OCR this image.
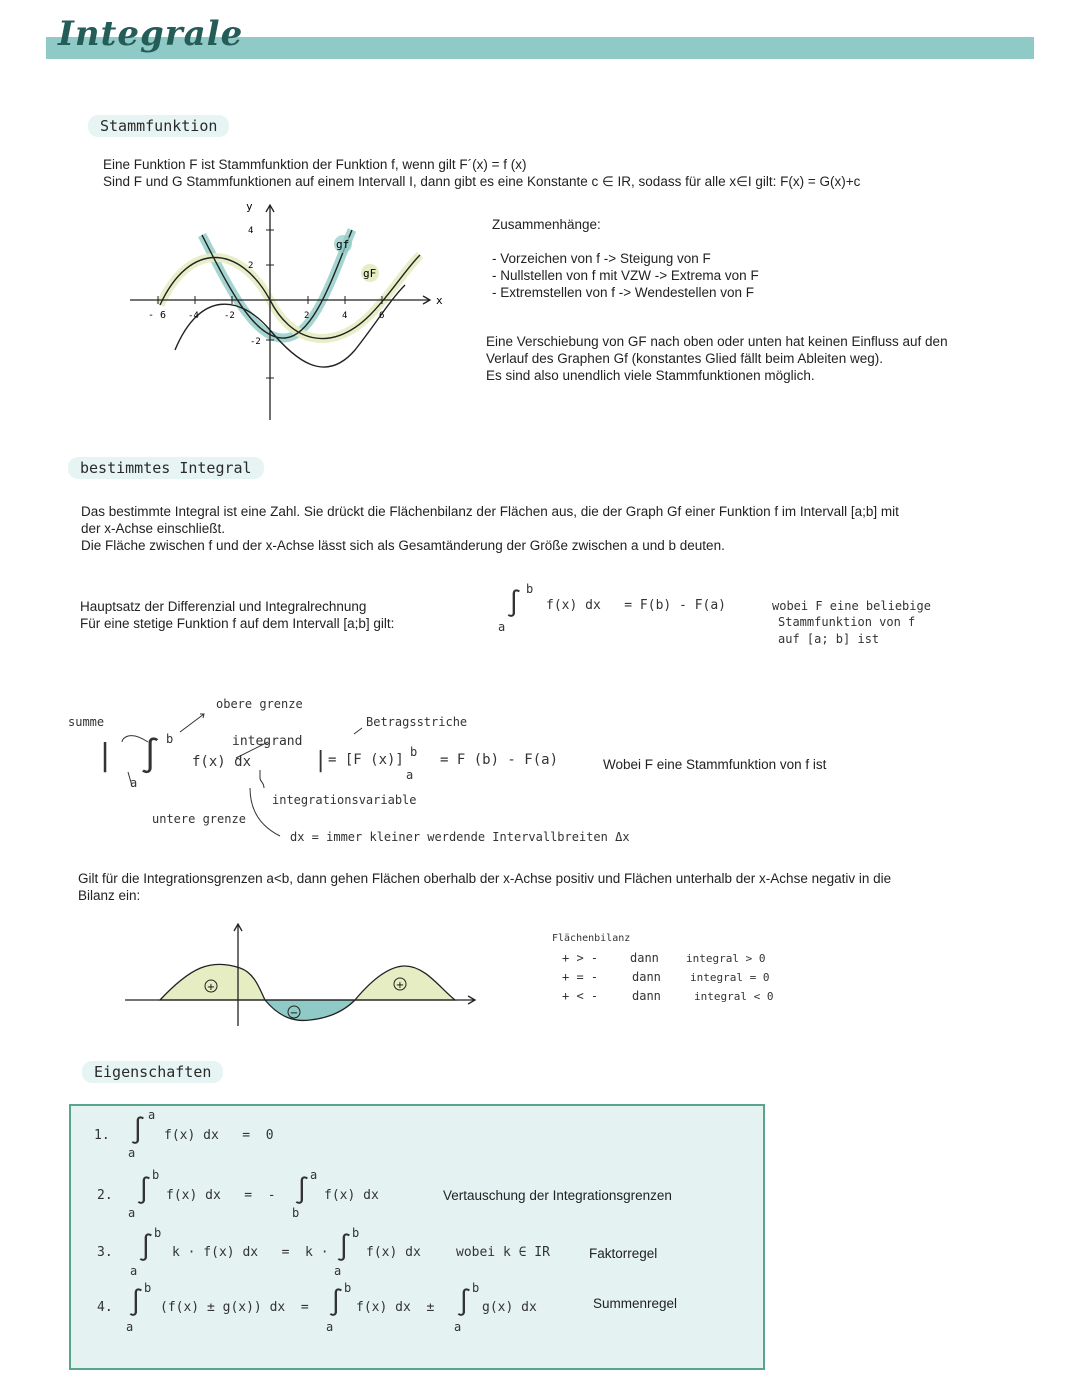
Integrale
Stammfunktion
Eine Funktion F ist Stammfunktion der Funktion f, wenn gilt F´(x) = f (x)
Sind F und G Stammfunktionen auf einem Intervall I, dann gibt es eine Konstante c ∈ IR, sodass für alle x∈I gilt: F(x) = G(x)+c
y
x
gf
gF
4
2
-2
- 6 -4	-2	2	4	6
Zusammenhänge:
- Vorzeichen von f -> Steigung von F
- Nullstellen von f mit VZW -> Extrema von F
- Extremstellen von f -> Wendestellen von F
Eine Verschiebung von GF nach oben oder unten hat keinen Einfluss auf den
Verlauf des Graphen Gf (konstantes Glied fällt beim Ableiten weg).
Es sind also unendlich viele Stammfunktionen möglich.
bestimmtes Integral
Das bestimmte Integral ist eine Zahl. Sie drückt die Flächenbilanz der Flächen aus, die der Graph Gf einer Funktion f im Intervall [a;b] mit
der x-Achse einschließt.
Die Fläche zwischen f und der x-Achse lässt sich als Gesamtänderung der Größe zwischen a und b deuten.
Hauptsatz der Differenzial und Integralrechnung
Für eine stetige Funktion f auf dem Intervall [a;b] gilt:
∫ b
a
f(x) dx   = F(b) - F(a)	wobei F eine beliebige
Stammfunktion von f
auf [a; b] ist
summe
obere grenze
integrand
Betragsstriche
| ∫ b
a
f(x) dx	| = [F (x)] b
a
= F (b) - F(a)	Wobei F eine Stammfunktion von f ist
untere grenze
integrationsvariable
dx = immer kleiner werdende Intervallbreiten Δx
Gilt für die Integrationsgrenzen a<b, dann gehen Flächen oberhalb der x-Achse positiv und Flächen unterhalb der x-Achse negativ in die
Bilanz ein:
+
−
+
Flächenbilanz
+ > -	dann integral > 0
+ = -	dann	integral = 0
+ < -	dann	integral < 0
Eigenschaften
1. ∫
a
a
f(x) dx   =  0
2. ∫
b
a
f(x) dx   =  - ∫
a
b
f(x) dx	Vertauschung der Integrationsgrenzen
3. ∫ b
a
k · f(x) dx   =  k · ∫ b
a
f(x) dx	wobei k ∈ IR	Faktorregel
4. ∫ b
a
(f(x) ± g(x)) dx  = ∫ b
a
f(x) dx  ± ∫ b
a
g(x) dx	Summenregel
